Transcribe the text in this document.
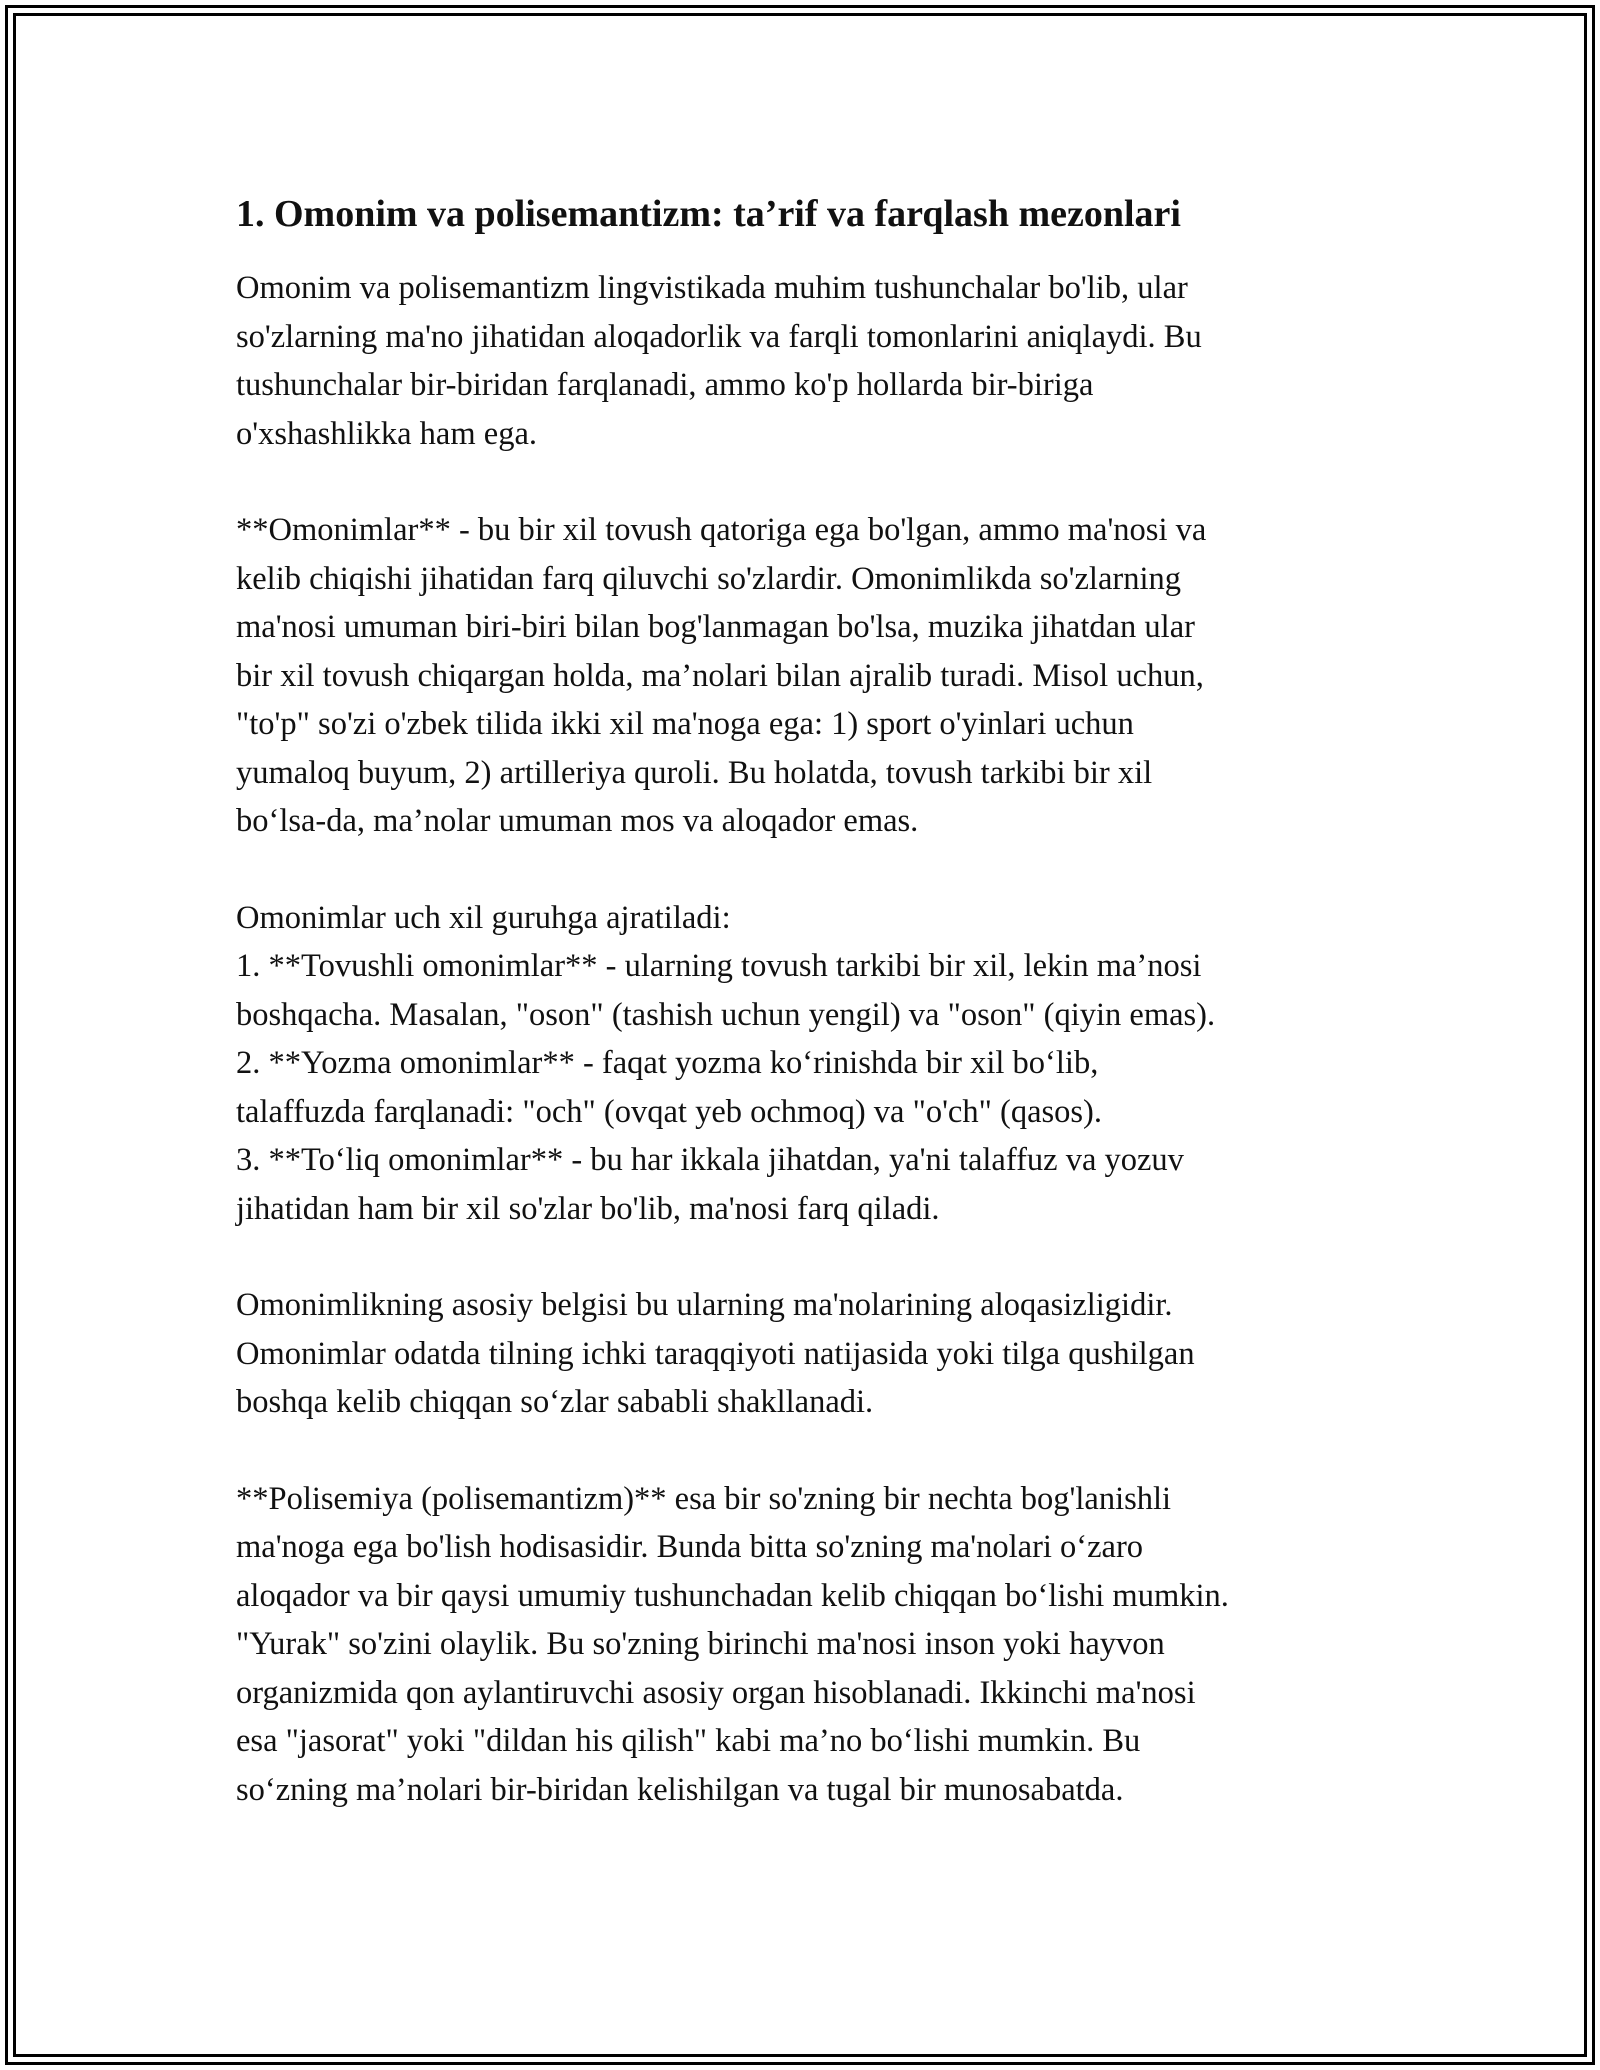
1. Omonim va polisemantizm: ta’rif va farqlash mezonlari
Omonim va polisemantizm lingvistikada muhim tushunchalar bo'lib, ular
so'zlarning ma'no jihatidan aloqadorlik va farqli tomonlarini aniqlaydi. Bu
tushunchalar bir-biridan farqlanadi, ammo ko'p hollarda bir-biriga
o'xshashlikka ham ega.
**Omonimlar** - bu bir xil tovush qatoriga ega bo'lgan, ammo ma'nosi va
kelib chiqishi jihatidan farq qiluvchi so'zlardir. Omonimlikda so'zlarning
ma'nosi umuman biri-biri bilan bog'lanmagan bo'lsa, muzika jihatdan ular
bir xil tovush chiqargan holda, ma’nolari bilan ajralib turadi. Misol uchun,
"to'p" so'zi o'zbek tilida ikki xil ma'noga ega: 1) sport o'yinlari uchun
yumaloq buyum, 2) artilleriya quroli. Bu holatda, tovush tarkibi bir xil
bo‘lsa-da, ma’nolar umuman mos va aloqador emas.
Omonimlar uch xil guruhga ajratiladi:
1. **Tovushli omonimlar** - ularning tovush tarkibi bir xil, lekin ma’nosi
boshqacha. Masalan, "oson" (tashish uchun yengil) va "oson" (qiyin emas).
2. **Yozma omonimlar** - faqat yozma ko‘rinishda bir xil bo‘lib,
talaffuzda farqlanadi: "och" (ovqat yeb ochmoq) va "o'ch" (qasos).
3. **To‘liq omonimlar** - bu har ikkala jihatdan, ya'ni talaffuz va yozuv
jihatidan ham bir xil so'zlar bo'lib, ma'nosi farq qiladi.
Omonimlikning asosiy belgisi bu ularning ma'nolarining aloqasizligidir.
Omonimlar odatda tilning ichki taraqqiyoti natijasida yoki tilga qushilgan
boshqa kelib chiqqan so‘zlar sababli shakllanadi.
**Polisemiya (polisemantizm)** esa bir so'zning bir nechta bog'lanishli
ma'noga ega bo'lish hodisasidir. Bunda bitta so'zning ma'nolari o‘zaro
aloqador va bir qaysi umumiy tushunchadan kelib chiqqan bo‘lishi mumkin.
"Yurak" so'zini olaylik. Bu so'zning birinchi ma'nosi inson yoki hayvon
organizmida qon aylantiruvchi asosiy organ hisoblanadi. Ikkinchi ma'nosi
esa "jasorat" yoki "dildan his qilish" kabi ma’no bo‘lishi mumkin. Bu
so‘zning ma’nolari bir-biridan kelishilgan va tugal bir munosabatda.
